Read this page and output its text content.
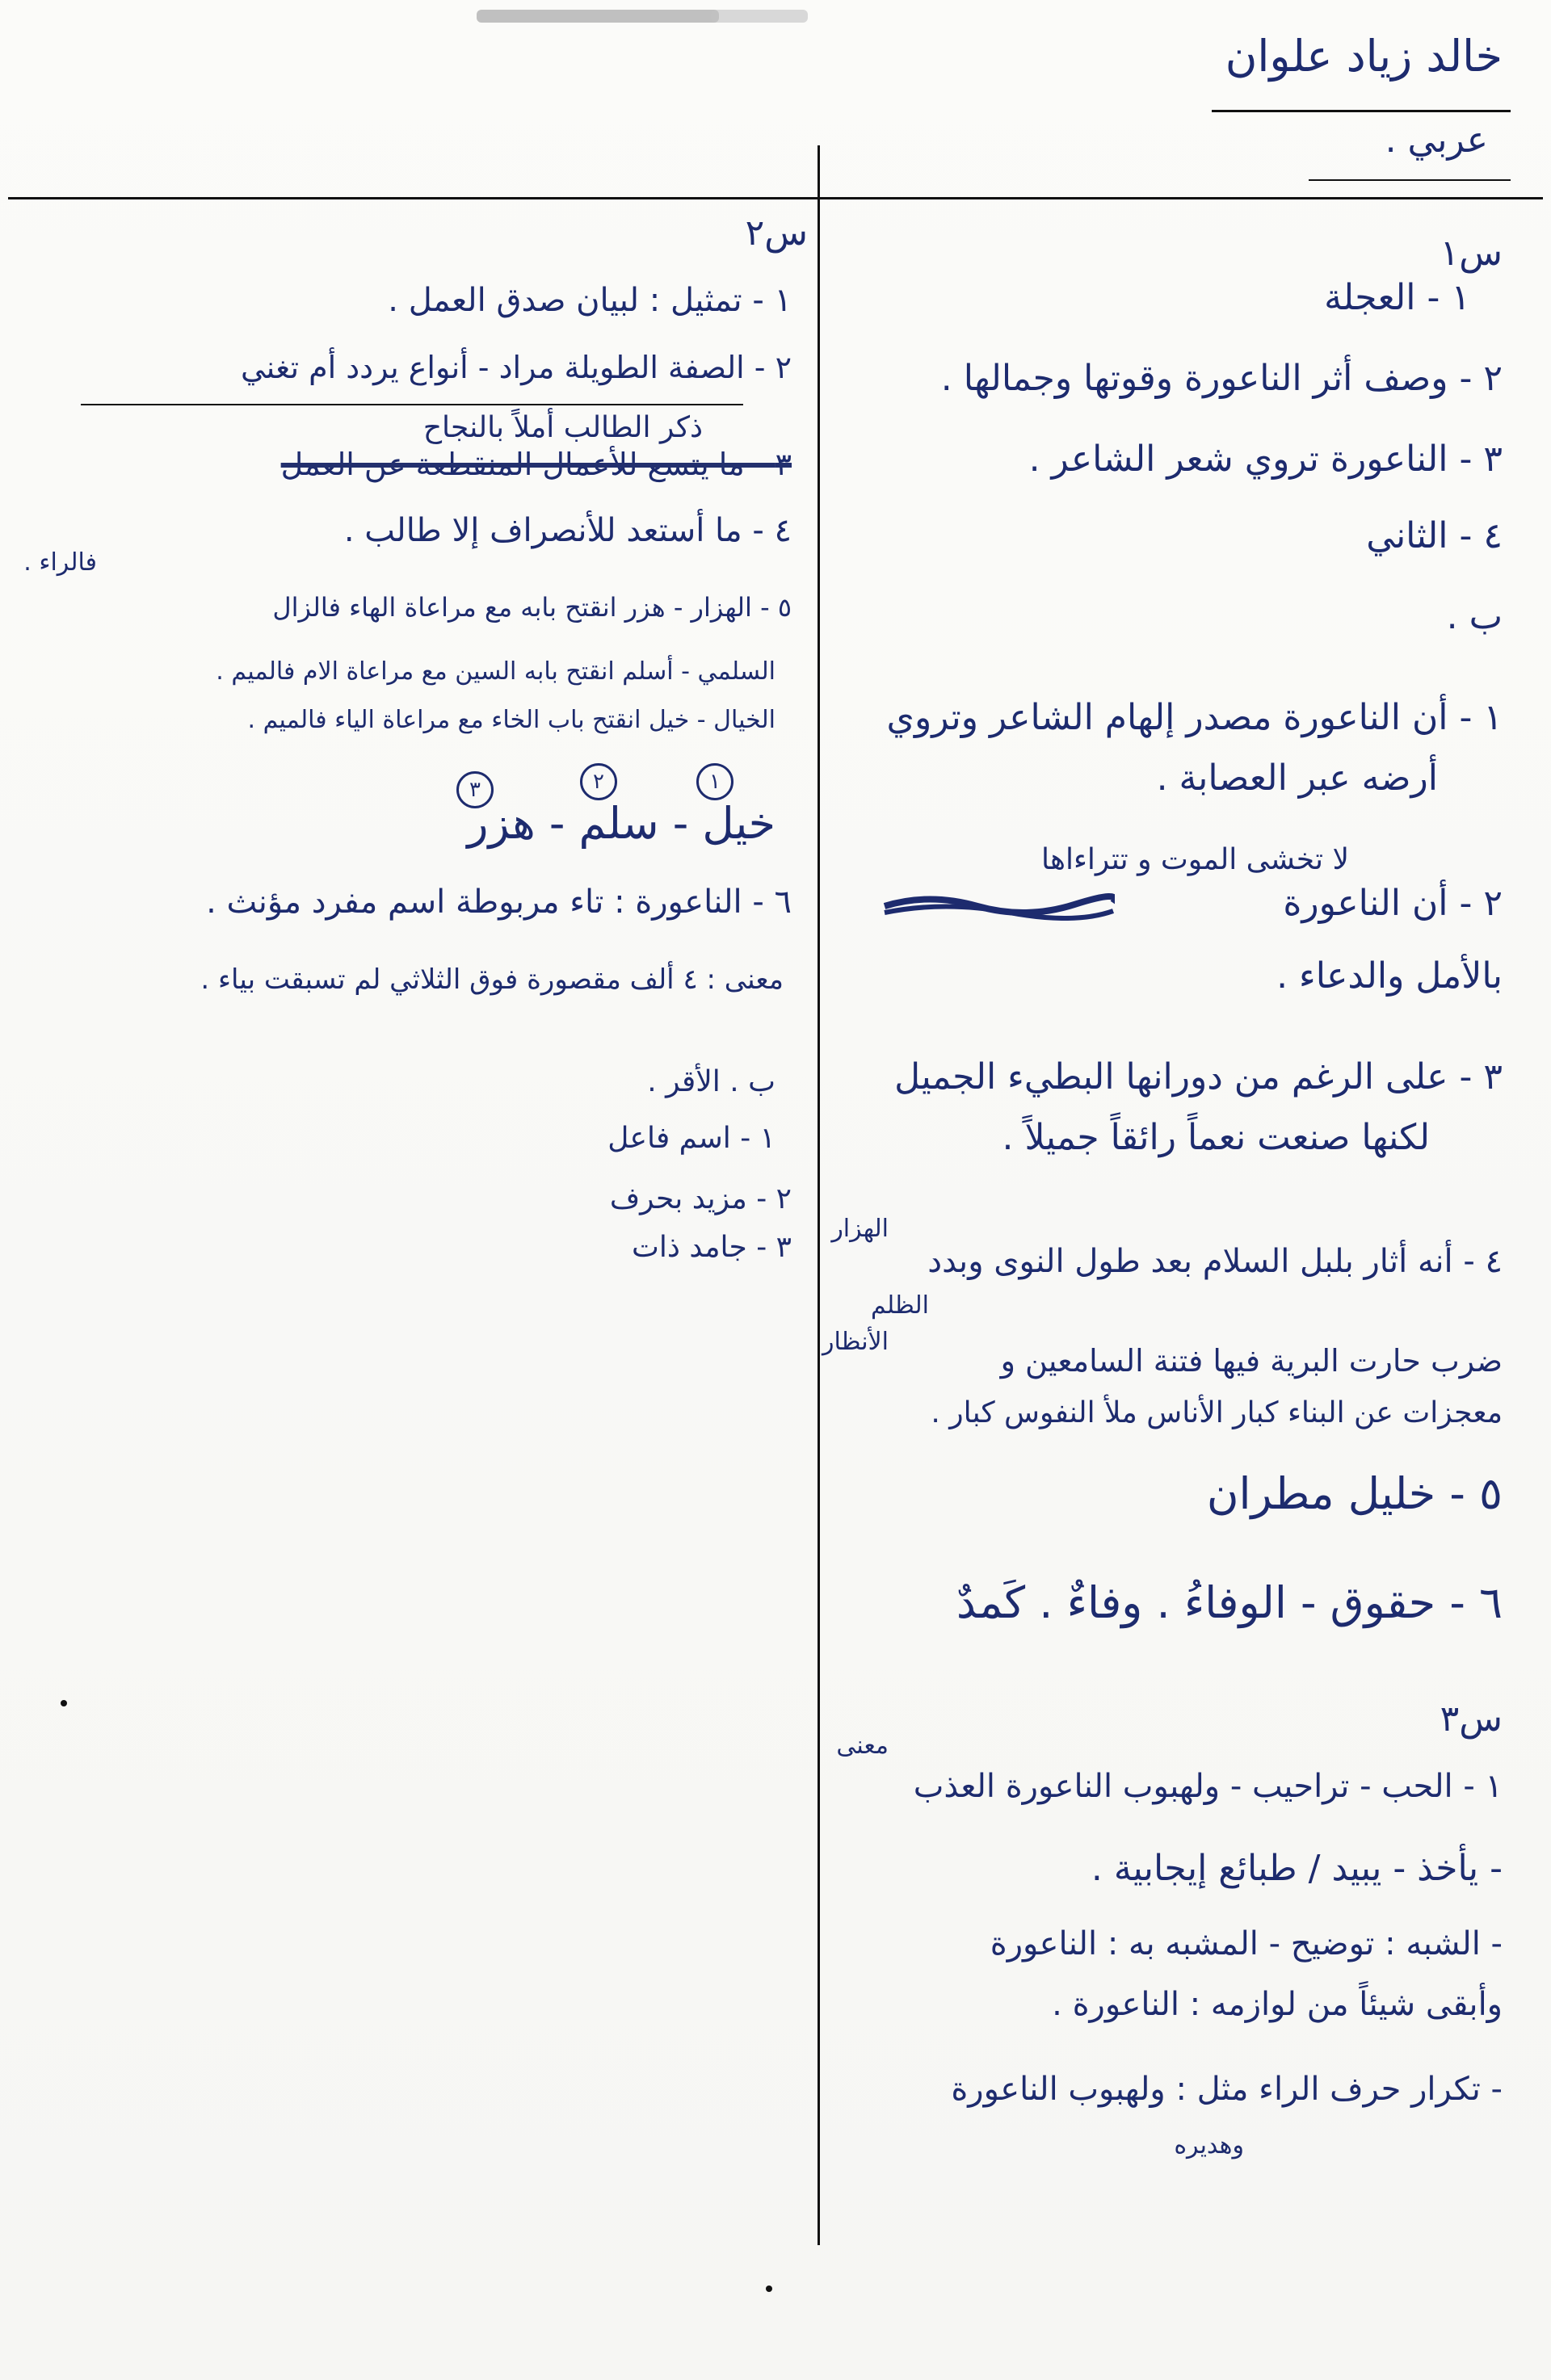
خالد زياد علوان
عربي .
س١
١ - العجلة
٢ - وصف أثر الناعورة وقوتها وجمالها .
٣ - الناعورة تروي شعر الشاعر .
٤ - الثاني
ب .
١ - أن الناعورة مصدر إلهام الشاعر وتروي
أرضه عبر العصابة .
لا تخشى الموت و تتراءاها
٢ - أن الناعورة
بالأمل والدعاء .
٣ - على الرغم من دورانها البطيء الجميل
لكنها صنعت نعماً رائقاً جميلاً .
الهزار
٤ - أنه أثار بلبل السلام بعد طول النوى وبدد
الظلم
الأنظار
ضرب حارت البرية فيها فتنة السامعين و
معجزات عن البناء كبار الأناس ملأ النفوس كبار .
٥ - خليل مطران
٦ - حقوق - الوفاءُ . وفاءٌ . كَمدٌ
س٣
معنى
١ - الحب - تراحيب - ولهبوب الناعورة العذب
- يأخذ - يبيد / طبائع إيجابية .
- الشبه : توضيح - المشبه به : الناعورة
وأبقى شيئاً من لوازمه : الناعورة .
- تكرار حرف الراء مثل : ولهبوب الناعورة
وهديره
س٢
١ - تمثيل : لبيان صدق العمل .
٢ - الصفة الطويلة مراد - أنواع يردد أم تغني
ذكر الطالب أملاً بالنجاح
٣ - ما يتسع للأعمال المنقطعة عن العمل
٤ - ما أستعد للأنصراف إلا طالب .
فالراء .
٥ - الهزار - هزر انقتح بابه مع مراعاة الهاء فالزال
السلمي - أسلم انقتح بابه السين مع مراعاة الام فالميم .
الخيال - خيل انقتح باب الخاء مع مراعاة الياء فالميم .
٣	٢	١
خيل - سلم - هزر
٦ - الناعورة : تاء مربوطة اسم مفرد مؤنث .
معنى : ٤ ألف مقصورة فوق الثلاثي لم تسبقت بياء .
ب . الأقر .
١ - اسم فاعل
٢ - مزيد بحرف
٣ - جامد ذات
